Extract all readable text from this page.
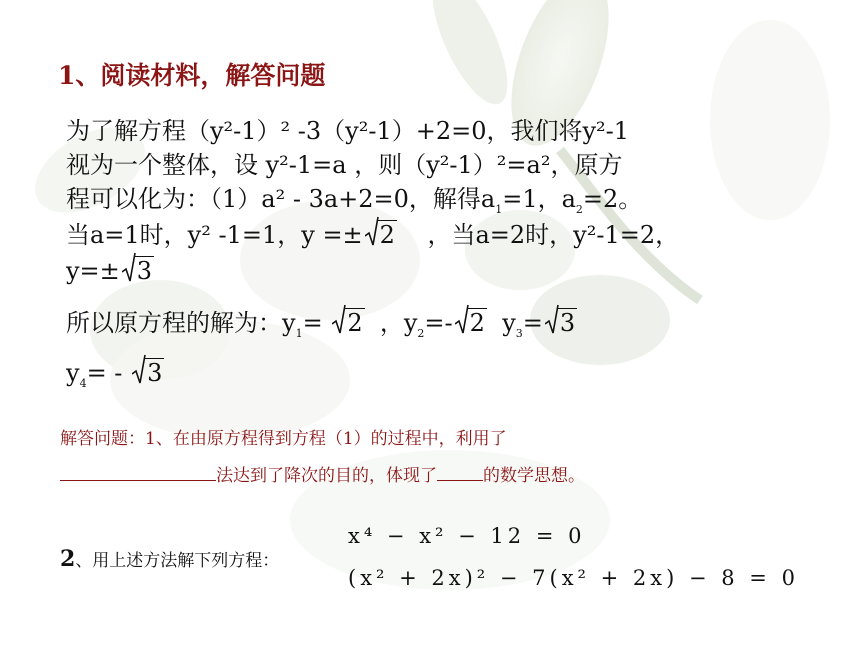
1、阅读材料，解答问题
为了解方程（y²-1）² -3（y²-1）+2=0，我们将y²-1
视为一个整体，设 y²-1=a ，则（y²-1）²=a²，原方
程可以化为：（1）a² - 3a+2=0，解得$a_1=1$，$a_2=2$。
当a=1时，y² -1=1，y =± 2 ，当a=2时，y²-1=2，
y=± 3
所以原方程的解为：$y_1= 2$ ，$y_2=-$ 2 $y_3= 3$
$y_4= - 3$
解答问题：1、在由原方程得到方程（1）的过程中，利用了
法达到了降次的目的，体现了	的数学思想。
2、用上述方法解下列方程：
x⁴ − x² − 12 = 0
(x² + 2x)² − 7(x² + 2x) − 8 = 0
